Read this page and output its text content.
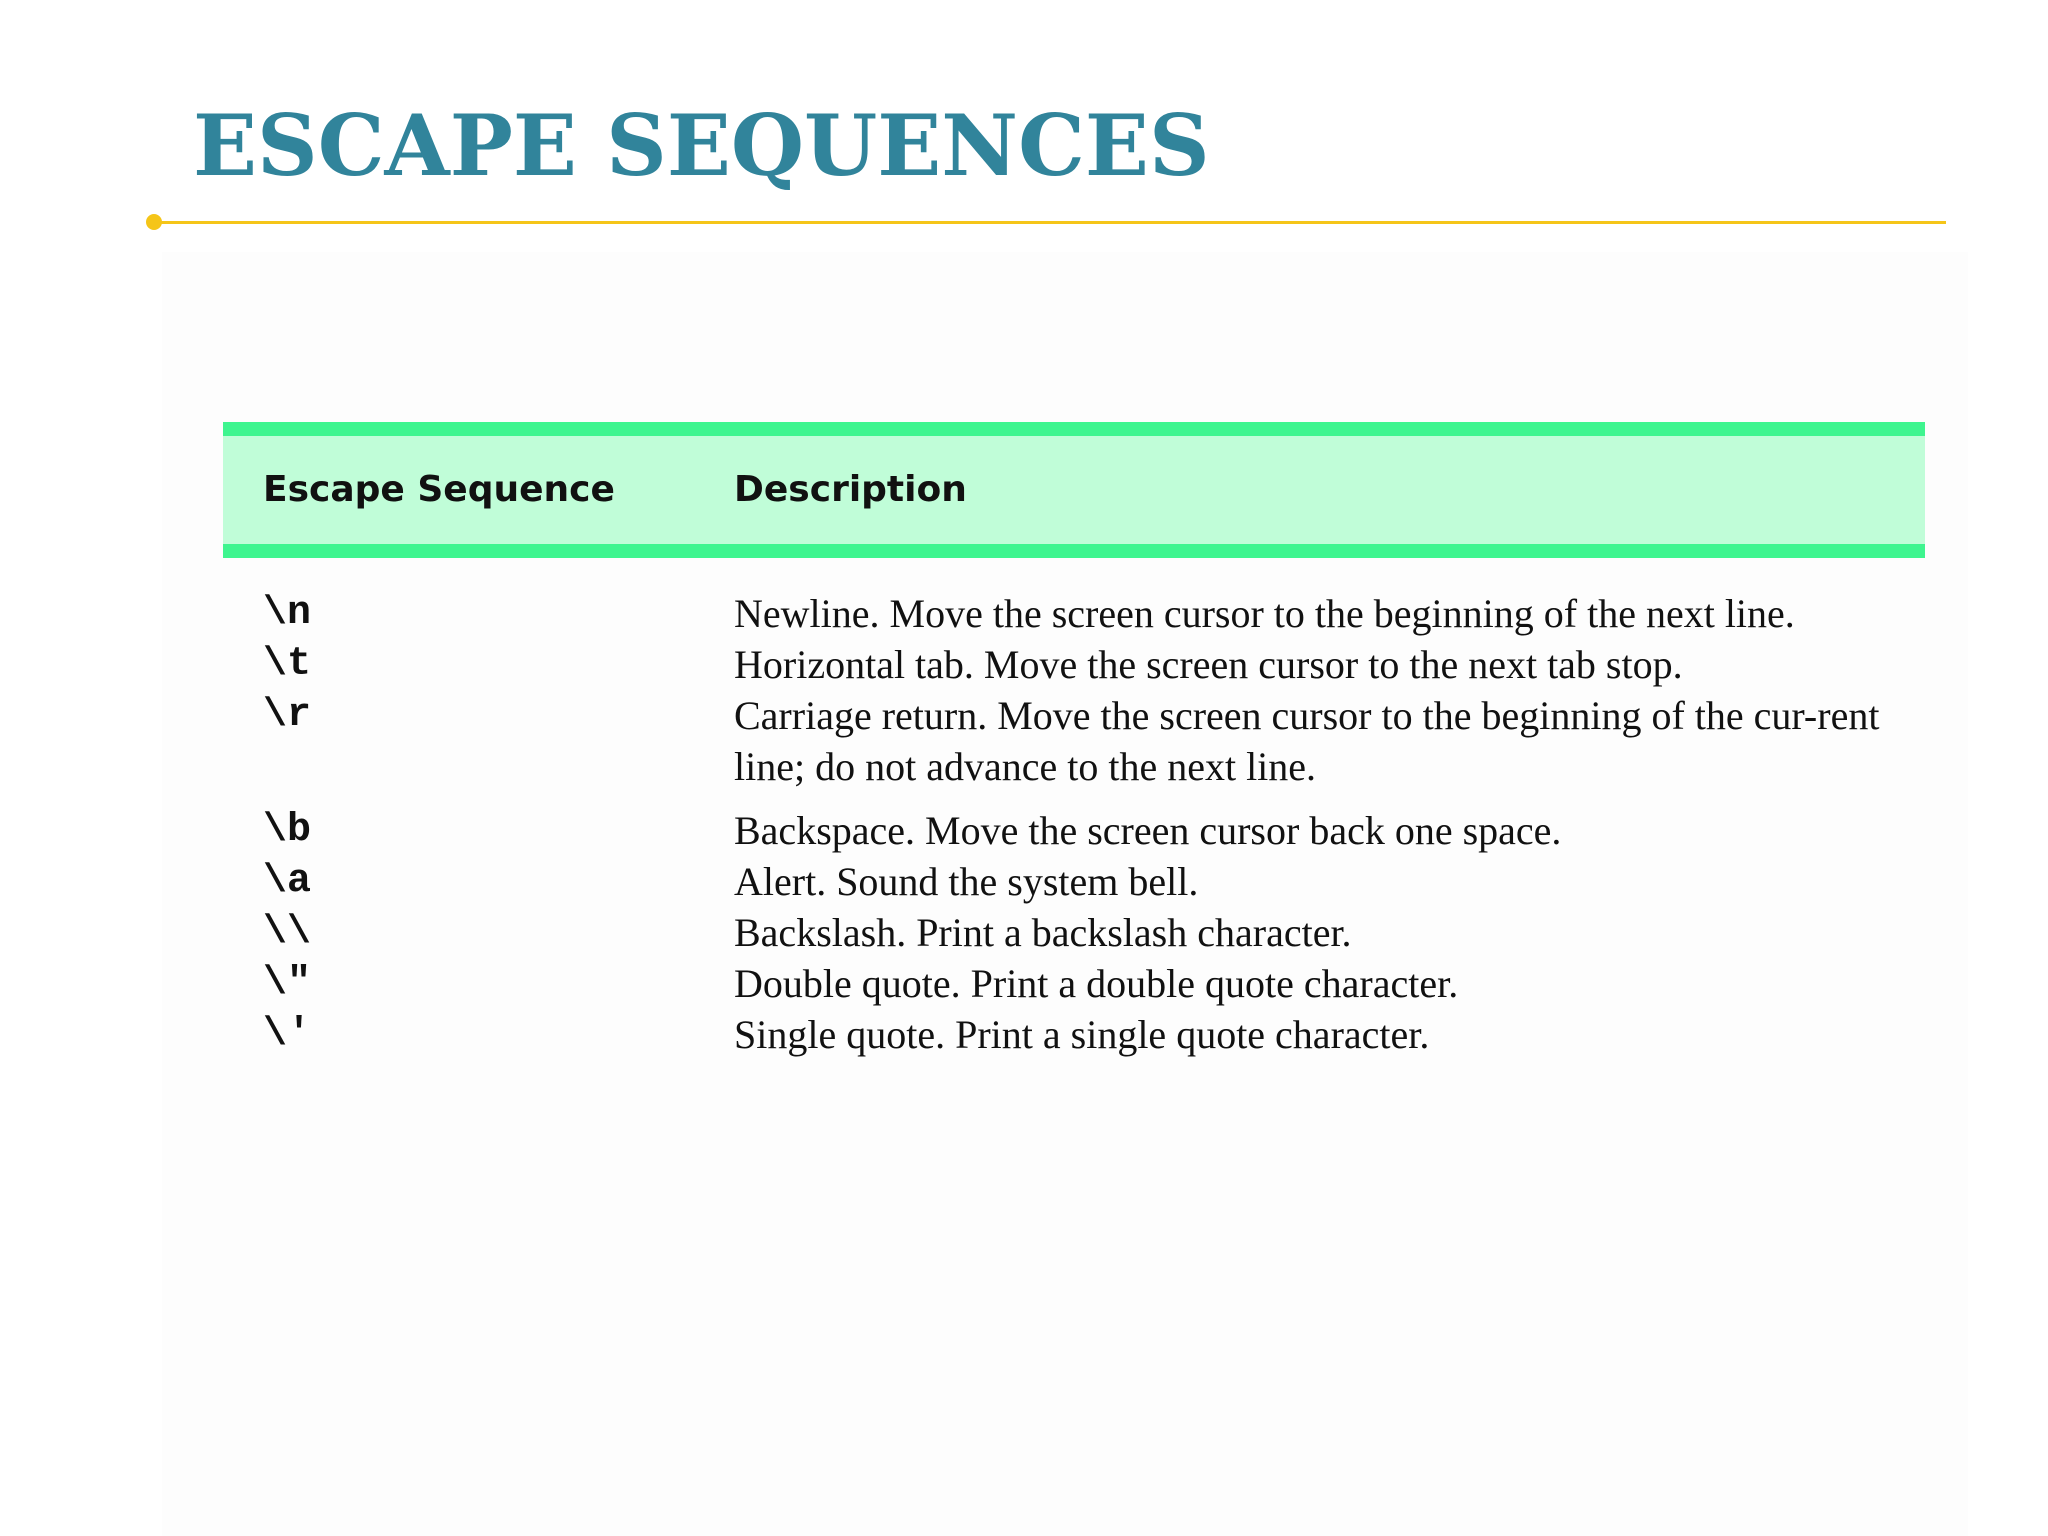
ESCAPE SEQUENCES
Escape Sequence	Description
\n	Newline. Move the screen cursor to the beginning of the next line.
\t	Horizontal tab. Move the screen cursor to the next tab stop.
\r	Carriage return. Move the screen cursor to the beginning of the cur-rent line; do not advance to the next line.
\b	Backspace. Move the screen cursor back one space.
\a	Alert. Sound the system bell.
\\	Backslash. Print a backslash character.
\"	Double quote. Print a double quote character.
\'	Single quote. Print a single quote character.
